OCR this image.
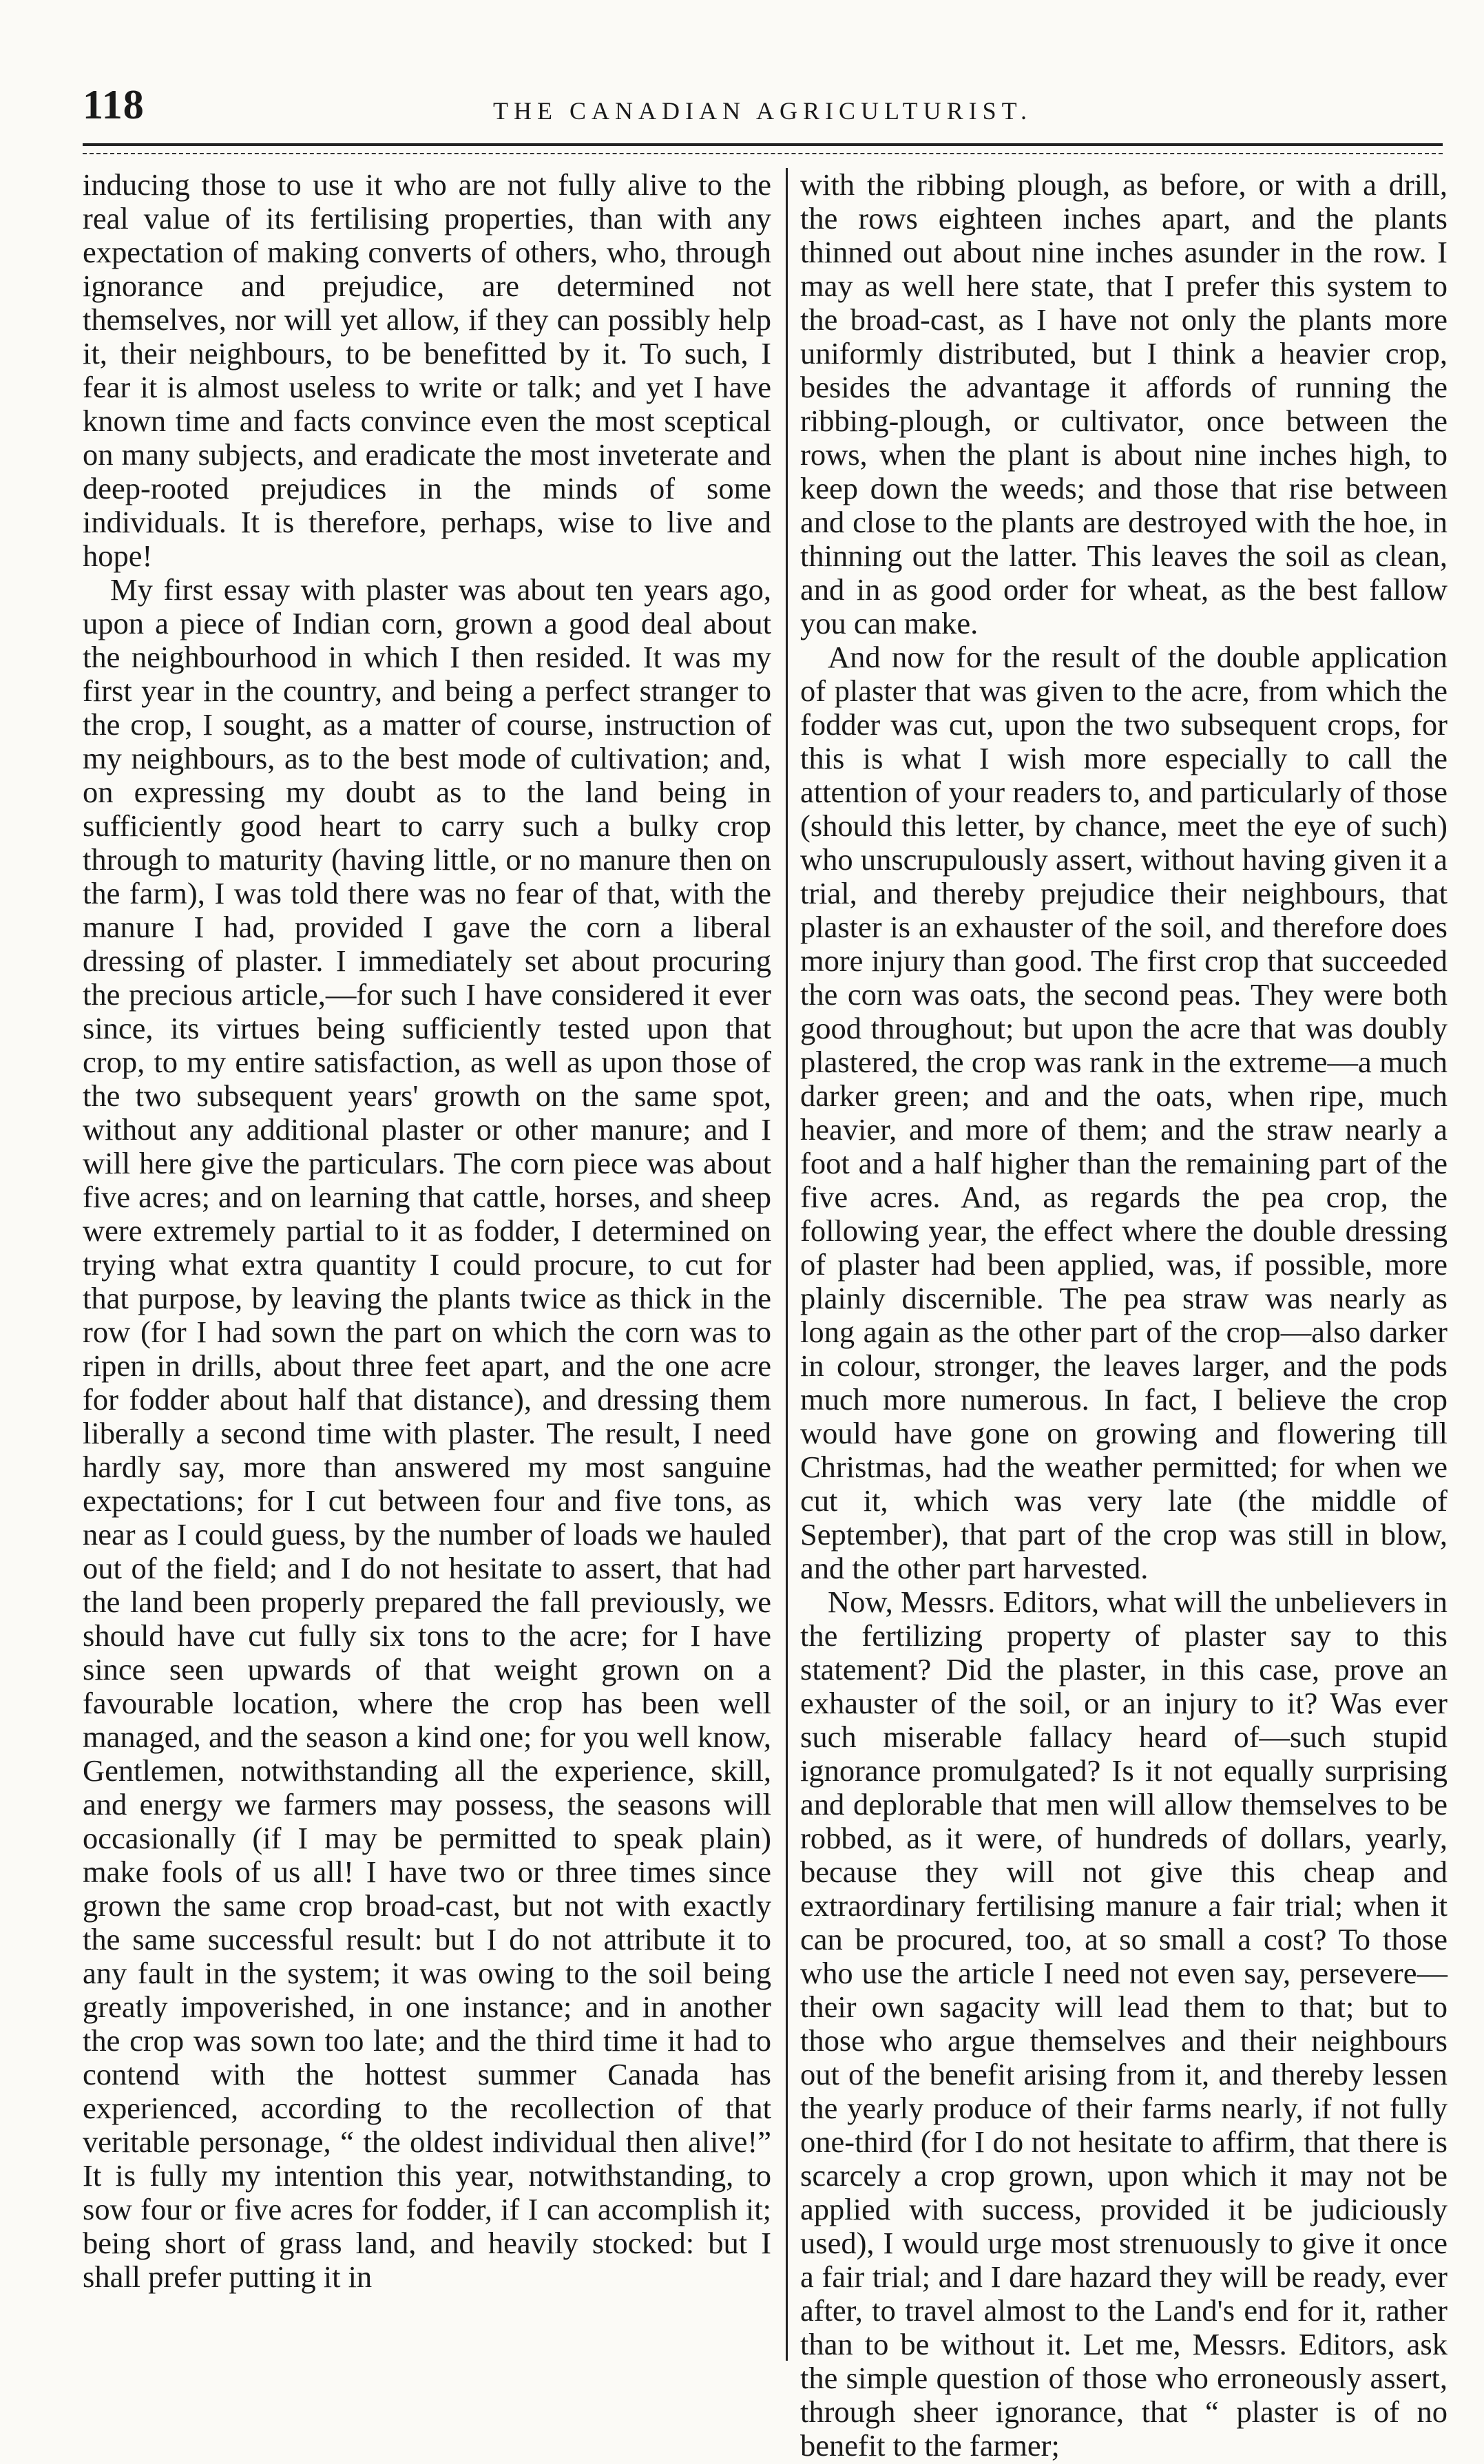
118	THE CANADIAN AGRICULTURIST.

inducing those to use it who are not fully alive to the real value of its fertilising properties, than with any expectation of making converts of others, who, through ignorance and prejudice, are determined not themselves, nor will yet allow, if they can possibly help it, their neighbours, to be benefitted by it. To such, I fear it is almost useless to write or talk; and yet I have known time and facts convince even the most sceptical on many subjects, and eradicate the most inveterate and deep-rooted prejudices in the minds of some individuals. It is therefore, perhaps, wise to live and hope!

My first essay with plaster was about ten years ago, upon a piece of Indian corn, grown a good deal about the neighbourhood in which I then resided. It was my first year in the country, and being a perfect stranger to the crop, I sought, as a matter of course, instruction of my neighbours, as to the best mode of cultivation; and, on expressing my doubt as to the land being in sufficiently good heart to carry such a bulky crop through to maturity (having little, or no manure then on the farm), I was told there was no fear of that, with the manure I had, provided I gave the corn a liberal dressing of plaster. I immediately set about procuring the precious article,—for such I have considered it ever since, its virtues being sufficiently tested upon that crop, to my entire satisfaction, as well as upon those of the two subsequent years' growth on the same spot, without any additional plaster or other manure; and I will here give the particulars. The corn piece was about five acres; and on learning that cattle, horses, and sheep were extremely partial to it as fodder, I determined on trying what extra quantity I could procure, to cut for that purpose, by leaving the plants twice as thick in the row (for I had sown the part on which the corn was to ripen in drills, about three feet apart, and the one acre for fodder about half that distance), and dressing them liberally a second time with plaster. The result, I need hardly say, more than answered my most sanguine expectations; for I cut between four and five tons, as near as I could guess, by the number of loads we hauled out of the field; and I do not hesitate to assert, that had the land been properly prepared the fall previously, we should have cut fully six tons to the acre; for I have since seen upwards of that weight grown on a favourable location, where the crop has been well managed, and the season a kind one; for you well know, Gentlemen, notwithstanding all the experience, skill, and energy we farmers may possess, the seasons will occasionally (if I may be permitted to speak plain) make fools of us all! I have two or three times since grown the same crop broad-cast, but not with exactly the same successful result: but I do not attribute it to any fault in the system; it was owing to the soil being greatly impoverished, in one instance; and in another the crop was sown too late; and the third time it had to contend with the hottest summer Canada has experienced, according to the recollection of that veritable personage, “ the oldest individual then alive!” It is fully my intention this year, notwithstanding, to sow four or five acres for fodder, if I can accomplish it; being short of grass land, and heavily stocked: but I shall prefer putting it in

with the ribbing plough, as before, or with a drill, the rows eighteen inches apart, and the plants thinned out about nine inches asunder in the row. I may as well here state, that I prefer this system to the broad-cast, as I have not only the plants more uniformly distributed, but I think a heavier crop, besides the advantage it affords of running the ribbing-plough, or cultivator, once between the rows, when the plant is about nine inches high, to keep down the weeds; and those that rise between and close to the plants are destroyed with the hoe, in thinning out the latter. This leaves the soil as clean, and in as good order for wheat, as the best fallow you can make.

And now for the result of the double application of plaster that was given to the acre, from which the fodder was cut, upon the two subsequent crops, for this is what I wish more especially to call the attention of your readers to, and particularly of those (should this letter, by chance, meet the eye of such) who unscrupulously assert, without having given it a trial, and thereby prejudice their neighbours, that plaster is an exhauster of the soil, and therefore does more injury than good. The first crop that succeeded the corn was oats, the second peas. They were both good throughout; but upon the acre that was doubly plastered, the crop was rank in the extreme—a much darker green; and and the oats, when ripe, much heavier, and more of them; and the straw nearly a foot and a half higher than the remaining part of the five acres. And, as regards the pea crop, the following year, the effect where the double dressing of plaster had been applied, was, if possible, more plainly discernible. The pea straw was nearly as long again as the other part of the crop—also darker in colour, stronger, the leaves larger, and the pods much more numerous. In fact, I believe the crop would have gone on growing and flowering till Christmas, had the weather permitted; for when we cut it, which was very late (the middle of September), that part of the crop was still in blow, and the other part harvested.

Now, Messrs. Editors, what will the unbelievers in the fertilizing property of plaster say to this statement? Did the plaster, in this case, prove an exhauster of the soil, or an injury to it? Was ever such miserable fallacy heard of—such stupid ignorance promulgated? Is it not equally surprising and deplorable that men will allow themselves to be robbed, as it were, of hundreds of dollars, yearly, because they will not give this cheap and extraordinary fertilising manure a fair trial; when it can be procured, too, at so small a cost? To those who use the article I need not even say, persevere—their own sagacity will lead them to that; but to those who argue themselves and their neighbours out of the benefit arising from it, and thereby lessen the yearly produce of their farms nearly, if not fully one-third (for I do not hesitate to affirm, that there is scarcely a crop grown, upon which it may not be applied with success, provided it be judiciously used), I would urge most strenuously to give it once a fair trial; and I dare hazard they will be ready, ever after, to travel almost to the Land's end for it, rather than to be without it. Let me, Messrs. Editors, ask the simple question of those who erroneously assert, through sheer ignorance, that “ plaster is of no benefit to the farmer;
